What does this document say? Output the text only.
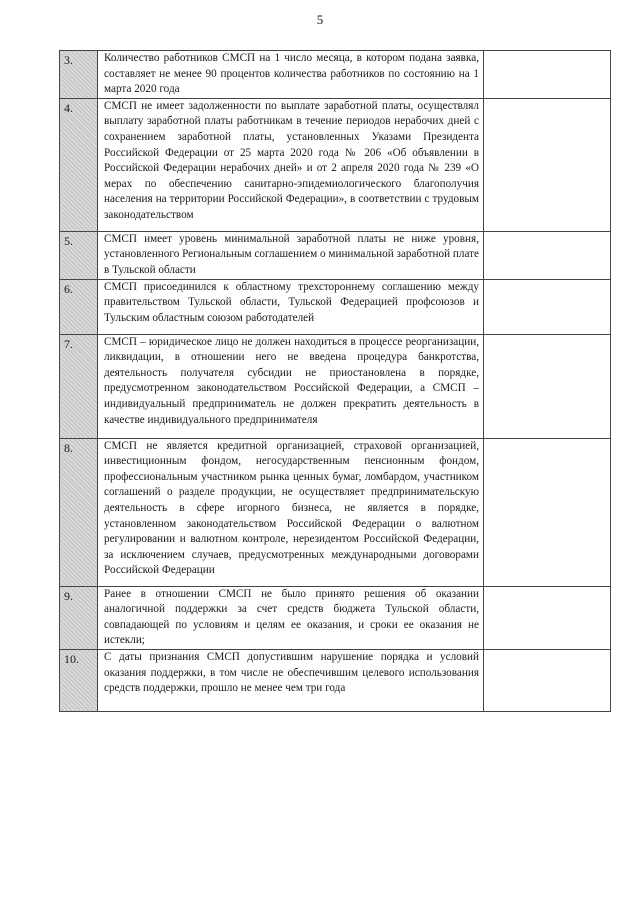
5
3.	Количество работников СМСП на 1 число месяца, в котором подана заявка, составляет не менее 90 процентов количества работников по состоянию на 1 марта 2020 года	
4.	СМСП не имеет задолженности по выплате заработной платы, осуществлял выплату заработной платы работникам в течение периодов нерабочих дней с сохранением заработной платы, установленных Указами Президента Российской Федерации от 25 марта 2020 года № 206 «Об объявлении в Российской Федерации нерабочих дней» и от 2 апреля 2020 года № 239 «О мерах по обеспечению санитарно-эпидемиологического благополучия населения на территории Российской Федерации», в соответствии с трудовым законодательством	
5.	СМСП имеет уровень минимальной заработной платы не ниже уровня, установленного Региональным соглашением о минимальной заработной плате в Тульской области	
6.	СМСП присоединился к областному трехстороннему соглашению между правительством Тульской области, Тульской Федерацией профсоюзов и Тульским областным союзом работодателей	
7.	СМСП – юридическое лицо не должен находиться в процессе реорганизации, ликвидации, в отношении него не введена процедура банкротства, деятельность получателя субсидии не приостановлена в порядке, предусмотренном законодательством Российской Федерации, а СМСП – индивидуальный предприниматель не должен прекратить деятельность в качестве индивидуального предпринимателя	
8.	СМСП не является кредитной организацией, страховой организацией, инвестиционным фондом, негосударственным пенсионным фондом, профессиональным участником рынка ценных бумаг, ломбардом, участником соглашений о разделе продукции, не осуществляет предпринимательскую деятельность в сфере игорного бизнеса, не является в порядке, установленном законодательством Российской Федерации о валютном регулировании и валютном контроле, нерезидентом Российской Федерации, за исключением случаев, предусмотренных международными договорами Российской Федерации	
9.	Ранее в отношении СМСП не было принято решения об оказании аналогичной поддержки за счет средств бюджета Тульской области, совпадающей по условиям и целям ее оказания, и сроки ее оказания не истекли;	
10.	С даты признания СМСП допустившим нарушение порядка и условий оказания поддержки, в том числе не обеспечившим целевого использования средств поддержки, прошло не менее чем три года	
